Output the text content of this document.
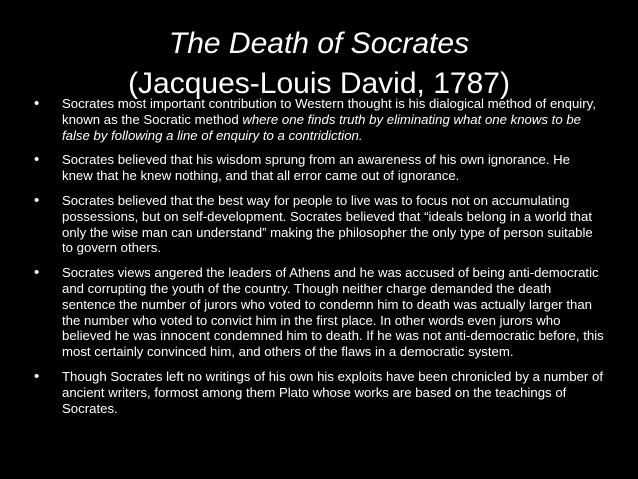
The Death of Socrates
(Jacques-Louis David, 1787)
• Socrates most important contribution to Western thought is his dialogical method of enquiry, known as the Socratic method where one finds truth by eliminating what one knows to be false by following a line of enquiry to a contridiction.
• Socrates believed that his wisdom sprung from an awareness of his own ignorance. He knew that he knew nothing, and that all error came out of ignorance.
• Socrates believed that the best way for people to live was to focus not on accumulating possessions, but on self-development. Socrates believed that “ideals belong in a world that only the wise man can understand” making the philosopher the only type of person suitable to govern others.
• Socrates views angered the leaders of Athens and he was accused of being anti-democratic and corrupting the youth of the country. Though neither charge demanded the death sentence the number of jurors who voted to condemn him to death was actually larger than the number who voted to convict him in the first place. In other words even jurors who believed he was innocent condemned him to death. If he was not anti-democratic before, this most certainly convinced him, and others of the flaws in a democratic system.
• Though Socrates left no writings of his own his exploits have been chronicled by a number of ancient writers, formost among them Plato whose works are based on the teachings of Socrates.
